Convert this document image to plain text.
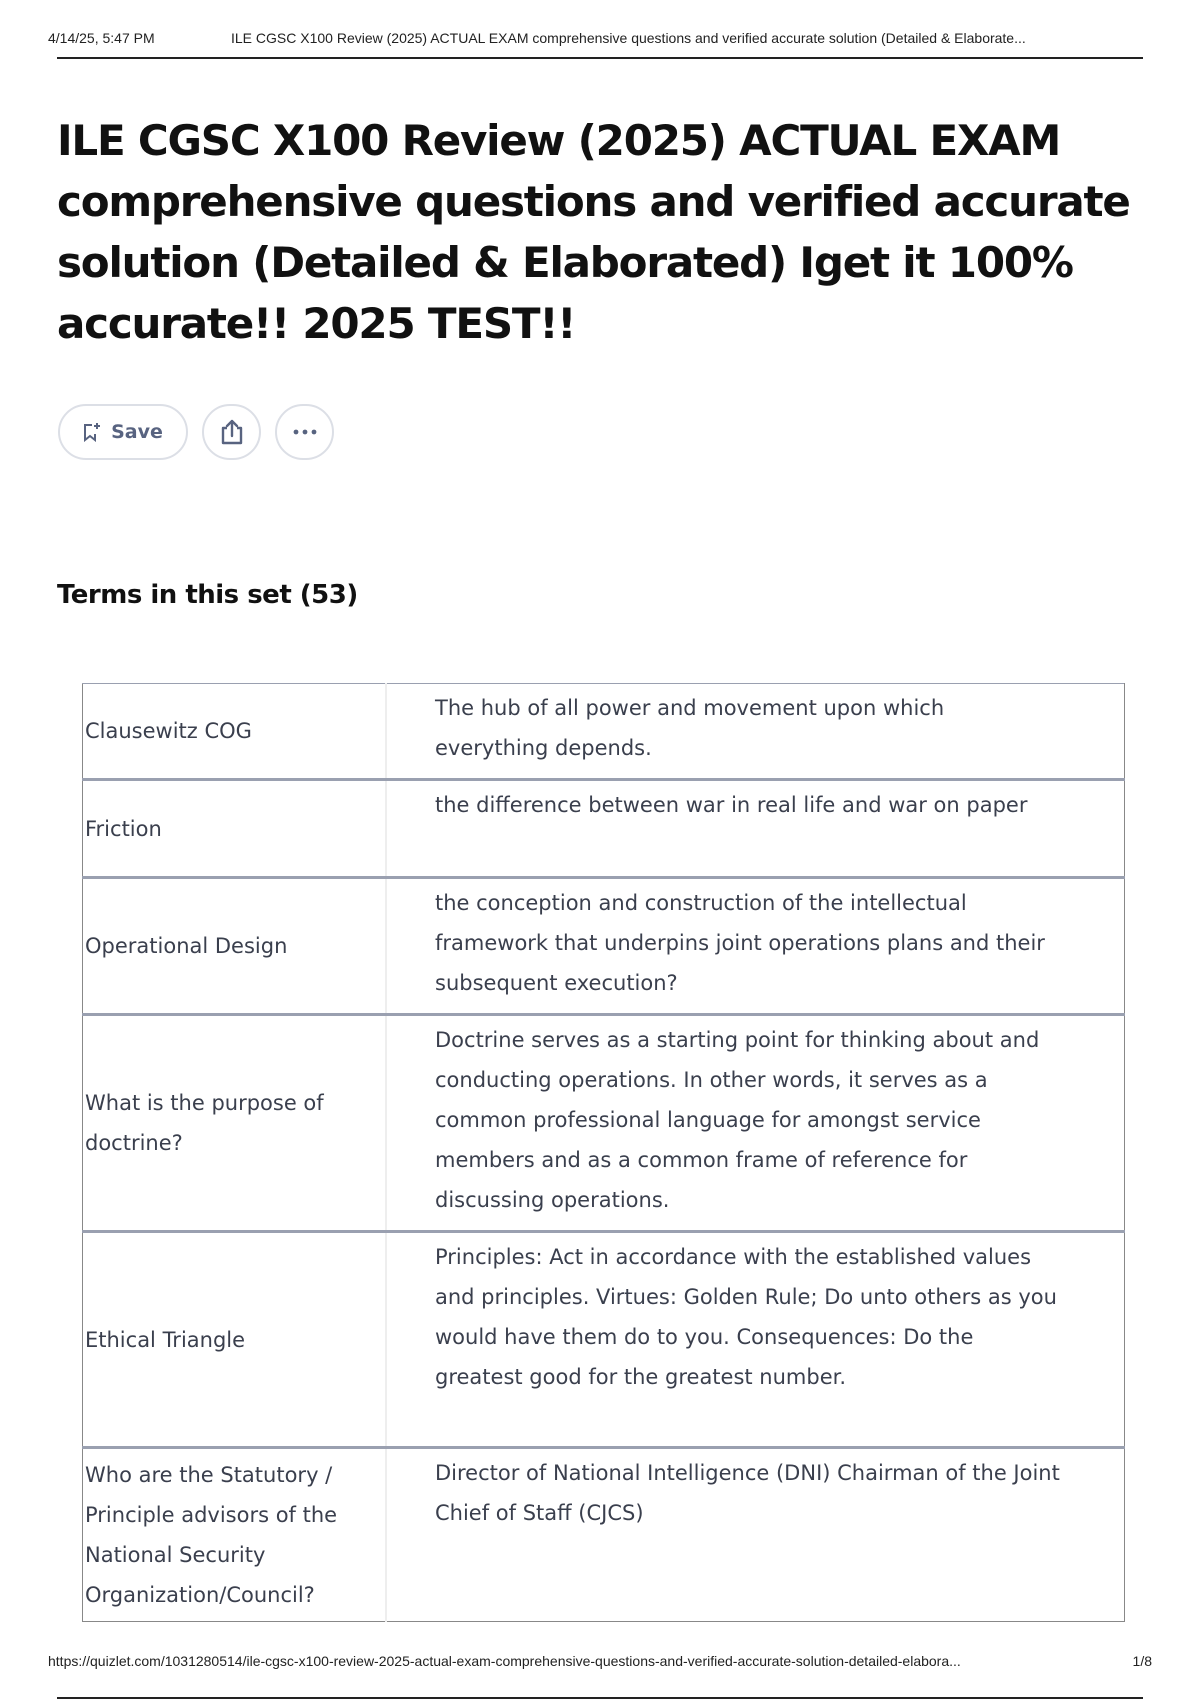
4/14/25, 5:47 PM	ILE CGSC X100 Review (2025) ACTUAL EXAM comprehensive questions and verified accurate solution (Detailed & Elaborate...
ILE CGSC X100 Review (2025) ACTUAL EXAM comprehensive questions and verified accurate solution (Detailed & Elaborated) Iget it 100% accurate!! 2025 TEST!!
Save
Terms in this set (53)
Clausewitz COG	The hub of all power and movement upon which everything depends.
Friction	the difference between war in real life and war on paper
Operational Design	the conception and construction of the intellectual framework that underpins joint operations plans and their subsequent execution?
What is the purpose of doctrine?	Doctrine serves as a starting point for thinking about and conducting operations. In other words, it serves as a common professional language for amongst service members and as a common frame of reference for discussing operations.
Ethical Triangle	Principles: Act in accordance with the established values and principles. Virtues: Golden Rule; Do unto others as you would have them do to you. Consequences: Do the greatest good for the greatest number.
Who are the Statutory / Principle advisors of the National Security Organization/Council?	Director of National Intelligence (DNI) Chairman of the Joint Chief of Staff (CJCS)
https://quizlet.com/1031280514/ile-cgsc-x100-review-2025-actual-exam-comprehensive-questions-and-verified-accurate-solution-detailed-elabora...	1/8
